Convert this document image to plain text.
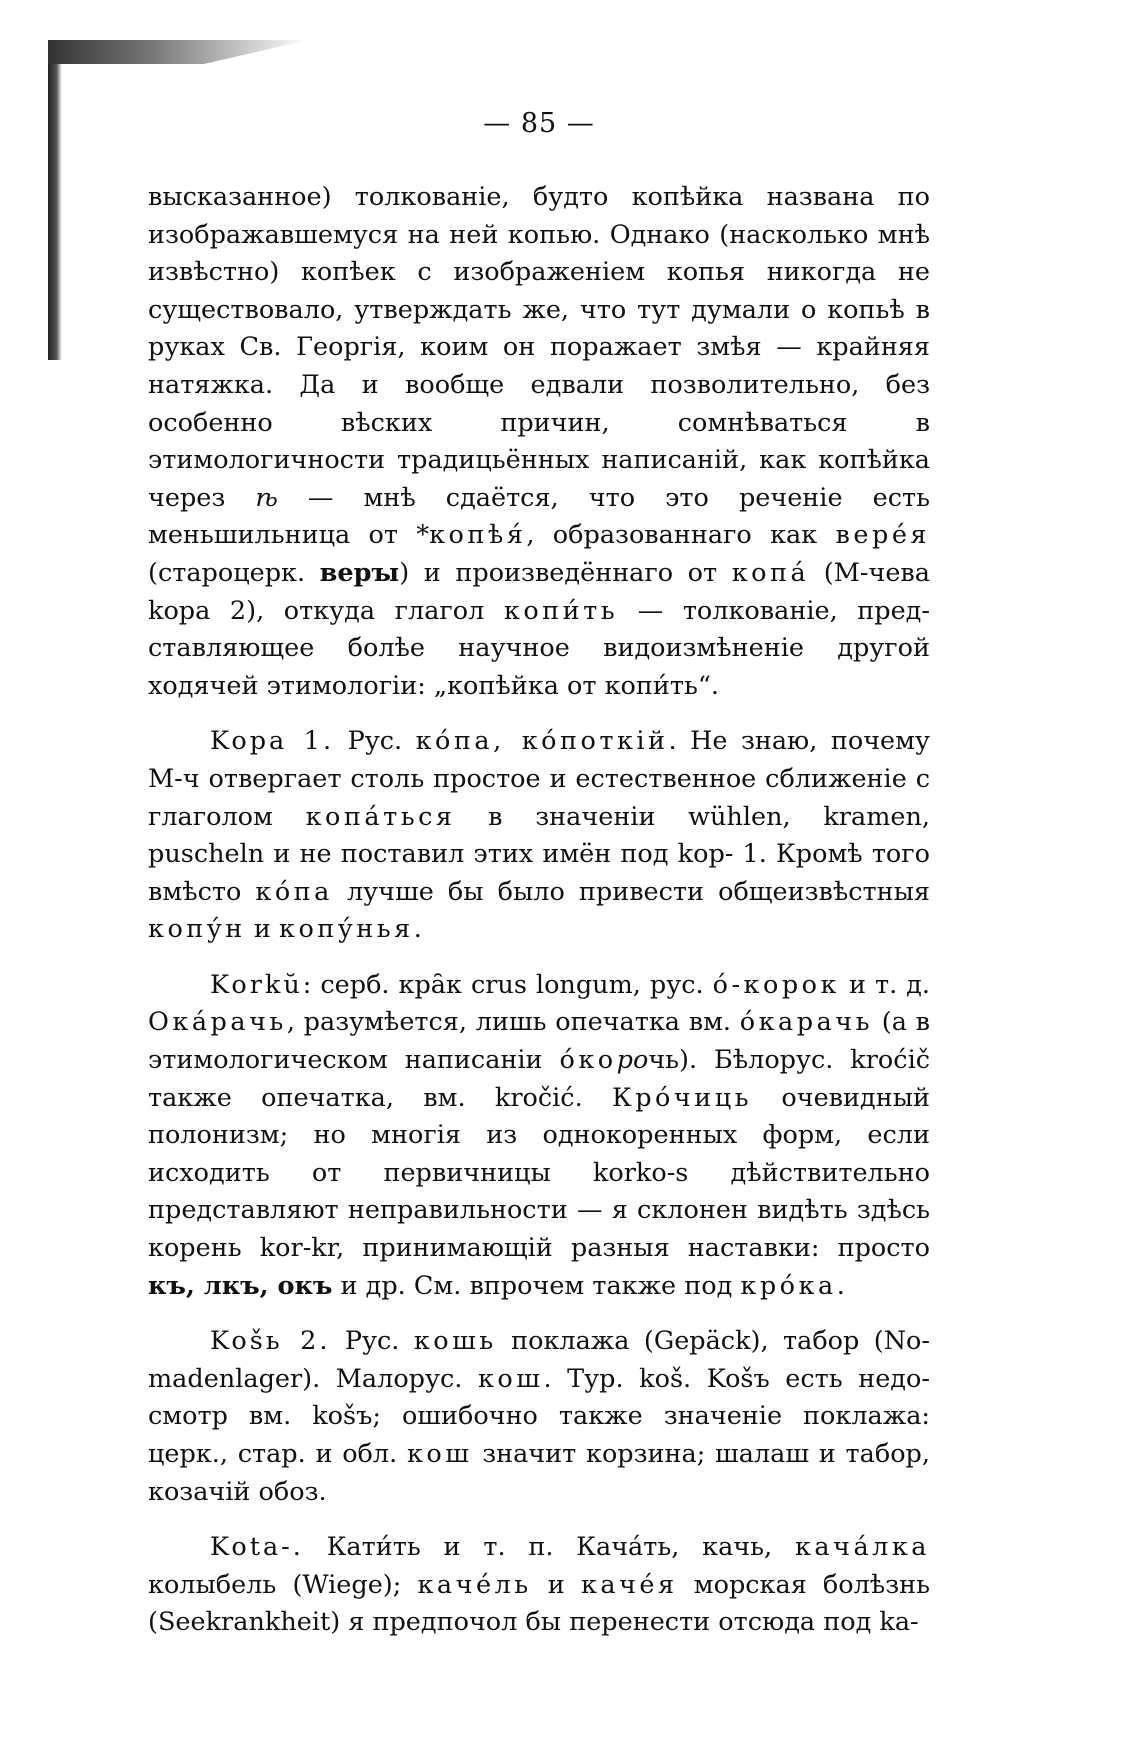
— 85 —

высказанное) толкованіе, будто копѣйка названа по изображавшемуся на ней копью. Однако (насколько мнѣ извѣстно) копѣек с изображеніем копья никогда не существовало, утверждать же, что тут думали о копьѣ в руках Св. Георгія, коим он поражает змѣя — крайняя натяжка. Да и вообще едвали позволительно, без особенно вѣских причин, сомнѣваться в этимологичности традицьённых написаній, как копѣйка через ѣ — мнѣ сдаётся, что это реченіе есть меньшильница от *копѣя́, образованнаго как вере́я (староцерк. верꙑ) и произведённаго от копа́ (М-чева kopa 2), откуда глагол копи́ть — толкованіе, представляющее болѣе научное видоизмѣненіе другой ходячей этимологіи: „копѣйка от копи́ть“.

Kopa 1. Рус. ко́па, ко́поткій. Не знаю, почему М-ч отвергает столь простое и естественное сближеніе с глаголом копа́ться в значеніи wühlen, kramen, puscheln и не поставил этих имён под kop- 1. Кромѣ того вмѣсто ко́па лучше бы было привести общеизвѣстныя копу́н и копу́нья.

Korkŭ: серб. кра̑к crus longum, рус. о́-корок и т. д. Ока́рачь, разумѣется, лишь опечатка вм. о́карачь (а в этимологическом написаніи о́корочь). Бѣлорус. kroćič также опечатка, вм. kročić. Кро́чиць очевидный полонизм; но многія из однокоренных форм, если исходить от первичницы korko-s дѣйствительно представляют неправильности — я склонен видѣть здѣсь корень kor-kr, принимающій разныя наставки: просто къ, лкъ, окъ и др. См. впрочем также под кро́ка.

Košь 2. Рус. кошь поклажа (Gepäck), табор (Nomadenlager). Малорус. кош. Тур. koš. Košъ есть недосмотр вм. košъ; ошибочно также значеніе поклажа: церк., стар. и обл. кош значит корзина; шалаш и табор, козачій обоз.

Kota-. Кати́ть и т. п. Кача́ть, качь, кача́лка колыбель (Wiege); каче́ль и каче́я морская болѣзнь (Seekrankheit) я предпочол бы перенести отсюда под ka-
